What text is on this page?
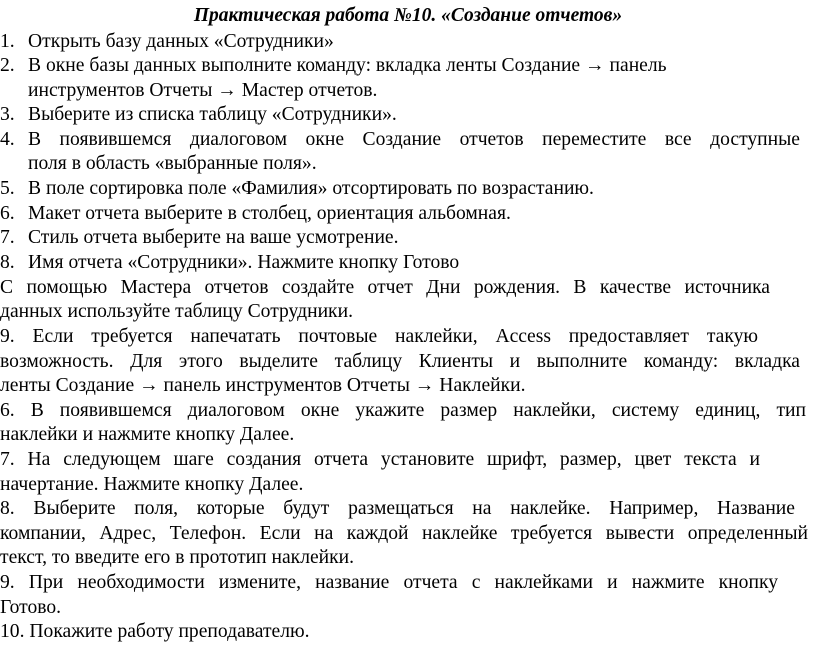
Практическая работа №10. «Создание отчетов»
1. Открыть базу данных «Сотрудники»
2. В окне базы данных выполните команду: вкладка ленты Создание → панель
инструментов Отчеты → Мастер отчетов.
3. Выберите из списка таблицу «Сотрудники».
4. В появившемся диалоговом окне Создание отчетов переместите все доступные
поля в область «выбранные поля».
5. В поле сортировка поле «Фамилия» отсортировать по возрастанию.
6. Макет отчета выберите в столбец, ориентация альбомная.
7. Стиль отчета выберите на ваше усмотрение.
8. Имя отчета «Сотрудники». Нажмите кнопку Готово
С помощью Мастера отчетов создайте отчет Дни рождения. В качестве источника
данных используйте таблицу Сотрудники.
9. Если требуется напечатать почтовые наклейки, Access предоставляет такую
возможность. Для этого выделите таблицу Клиенты и выполните команду: вкладка
ленты Создание → панель инструментов Отчеты → Наклейки.
6. В появившемся диалоговом окне укажите размер наклейки, систему единиц, тип
наклейки и нажмите кнопку Далее.
7. На следующем шаге создания отчета установите шрифт, размер, цвет текста и
начертание. Нажмите кнопку Далее.
8. Выберите поля, которые будут размещаться на наклейке. Например, Название
компании, Адрес, Телефон. Если на каждой наклейке требуется вывести определенный
текст, то введите его в прототип наклейки.
9. При необходимости измените, название отчета с наклейками и нажмите кнопку
Готово.
10. Покажите работу преподавателю.
